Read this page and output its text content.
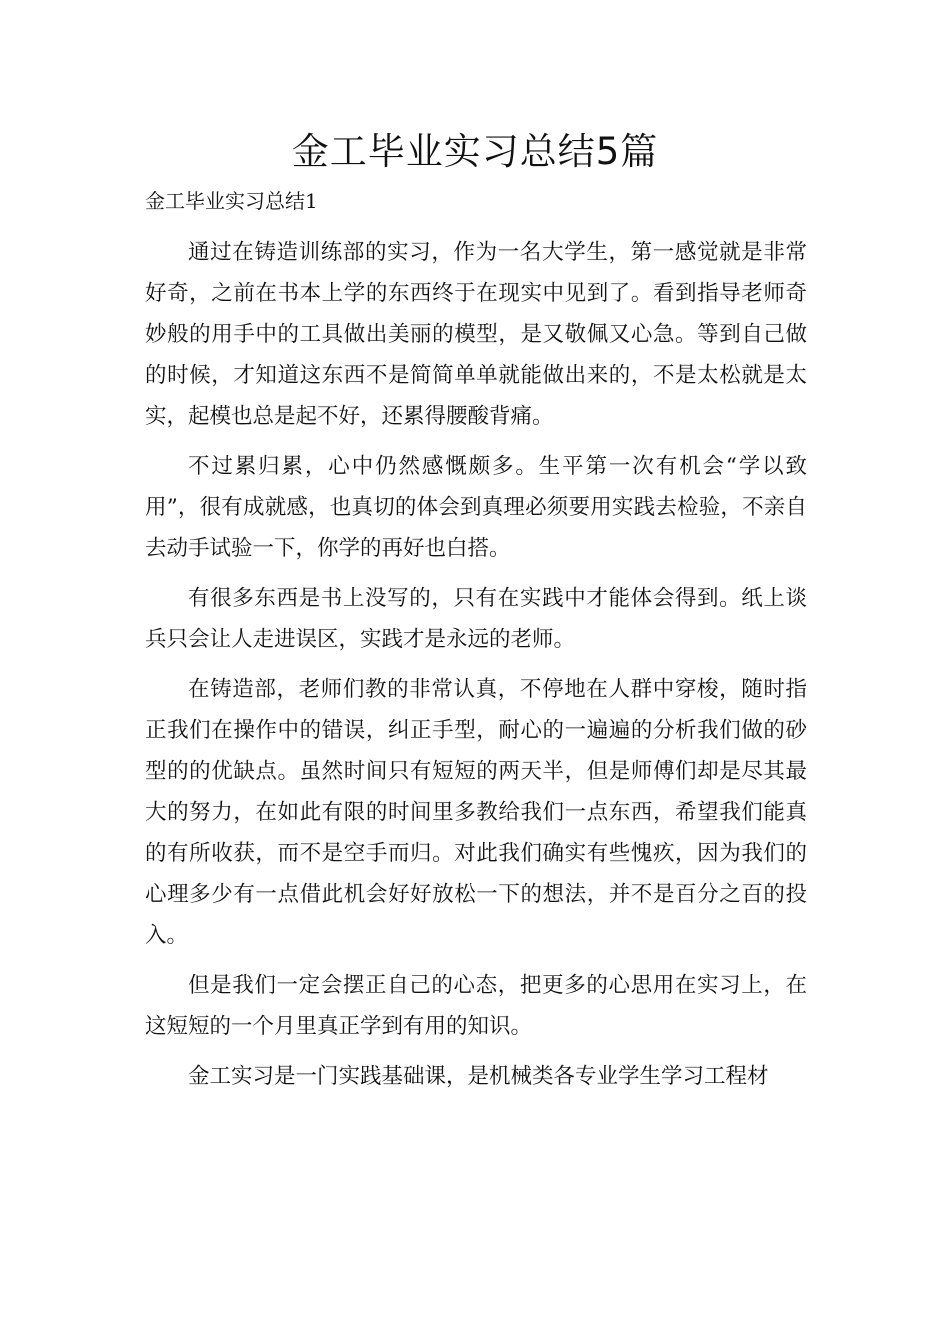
金工毕业实习总结5篇

金工毕业实习总结1

通过在铸造训练部的实习，作为一名大学生，第一感觉就是非常好奇，之前在书本上学的东西终于在现实中见到了。看到指导老师奇妙般的用手中的工具做出美丽的模型，是又敬佩又心急。等到自己做的时候，才知道这东西不是简简单单就能做出来的，不是太松就是太实，起模也总是起不好，还累得腰酸背痛。

不过累归累，心中仍然感慨颇多。生平第一次有机会“学以致用”，很有成就感，也真切的体会到真理必须要用实践去检验，不亲自去动手试验一下，你学的再好也白搭。

有很多东西是书上没写的，只有在实践中才能体会得到。纸上谈兵只会让人走进误区，实践才是永远的老师。

在铸造部，老师们教的非常认真，不停地在人群中穿梭，随时指正我们在操作中的错误，纠正手型，耐心的一遍遍的分析我们做的砂型的的优缺点。虽然时间只有短短的两天半，但是师傅们却是尽其最大的努力，在如此有限的时间里多教给我们一点东西，希望我们能真的有所收获，而不是空手而归。对此我们确实有些愧疚，因为我们的心理多少有一点借此机会好好放松一下的想法，并不是百分之百的投入。

但是我们一定会摆正自己的心态，把更多的心思用在实习上，在这短短的一个月里真正学到有用的知识。

金工实习是一门实践基础课，是机械类各专业学生学习工程材
